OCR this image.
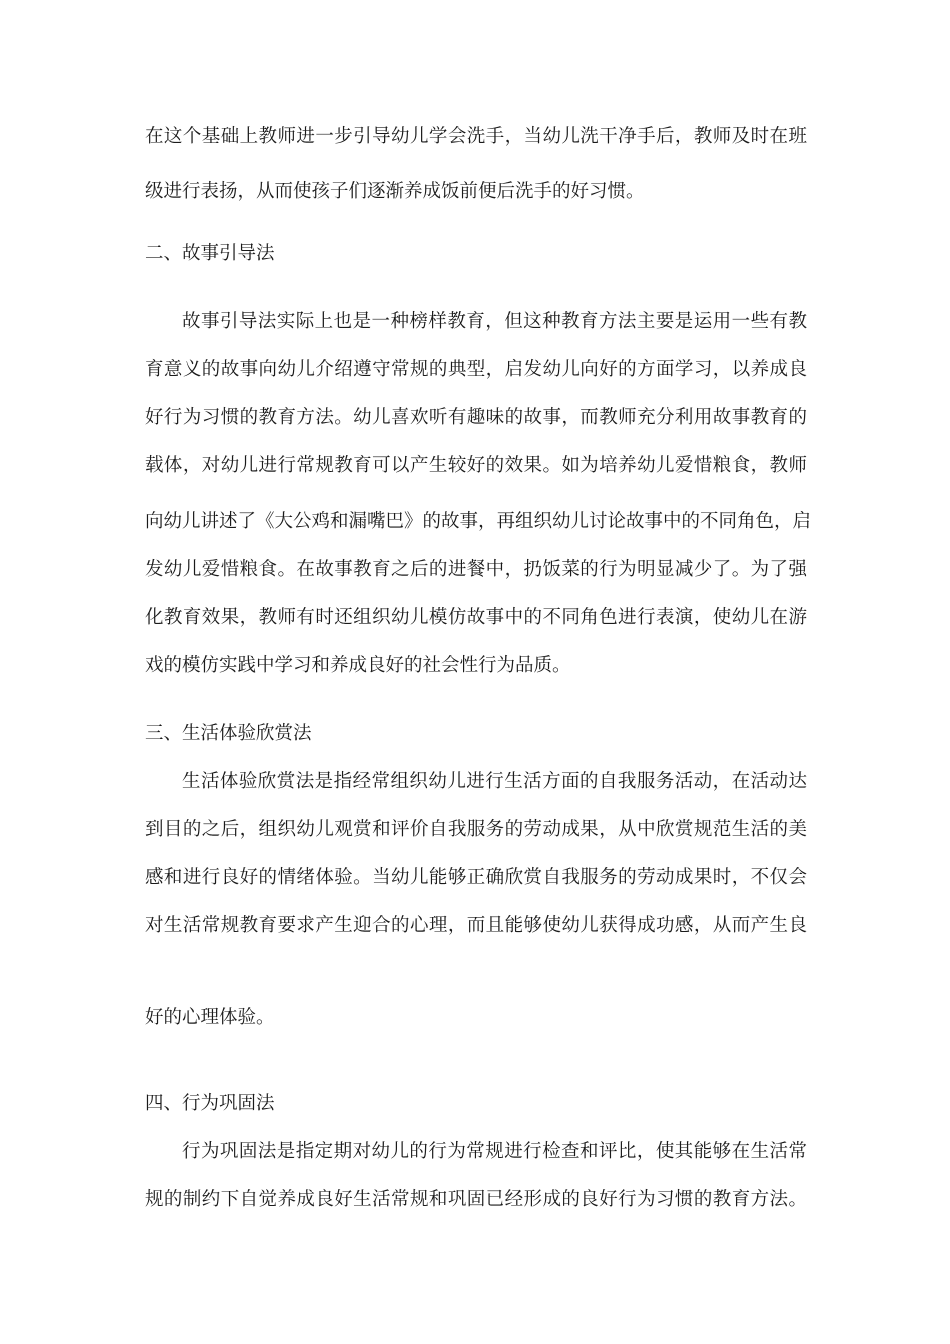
在这个基础上教师进一步引导幼儿学会洗手，当幼儿洗干净手后，教师及时在班

级进行表扬，从而使孩子们逐渐养成饭前便后洗手的好习惯。

二、故事引导法

故事引导法实际上也是一种榜样教育，但这种教育方法主要是运用一些有教

育意义的故事向幼儿介绍遵守常规的典型，启发幼儿向好的方面学习，以养成良

好行为习惯的教育方法。幼儿喜欢听有趣味的故事，而教师充分利用故事教育的

载体，对幼儿进行常规教育可以产生较好的效果。如为培养幼儿爱惜粮食，教师

向幼儿讲述了《大公鸡和漏嘴巴》的故事，再组织幼儿讨论故事中的不同角色，启

发幼儿爱惜粮食。在故事教育之后的进餐中，扔饭菜的行为明显减少了。为了强

化教育效果，教师有时还组织幼儿模仿故事中的不同角色进行表演，使幼儿在游

戏的模仿实践中学习和养成良好的社会性行为品质。

三、生活体验欣赏法

生活体验欣赏法是指经常组织幼儿进行生活方面的自我服务活动，在活动达

到目的之后，组织幼儿观赏和评价自我服务的劳动成果，从中欣赏规范生活的美

感和进行良好的情绪体验。当幼儿能够正确欣赏自我服务的劳动成果时，不仅会

对生活常规教育要求产生迎合的心理，而且能够使幼儿获得成功感，从而产生良

好的心理体验。

四、行为巩固法

行为巩固法是指定期对幼儿的行为常规进行检查和评比，使其能够在生活常

规的制约下自觉养成良好生活常规和巩固已经形成的良好行为习惯的教育方法。
